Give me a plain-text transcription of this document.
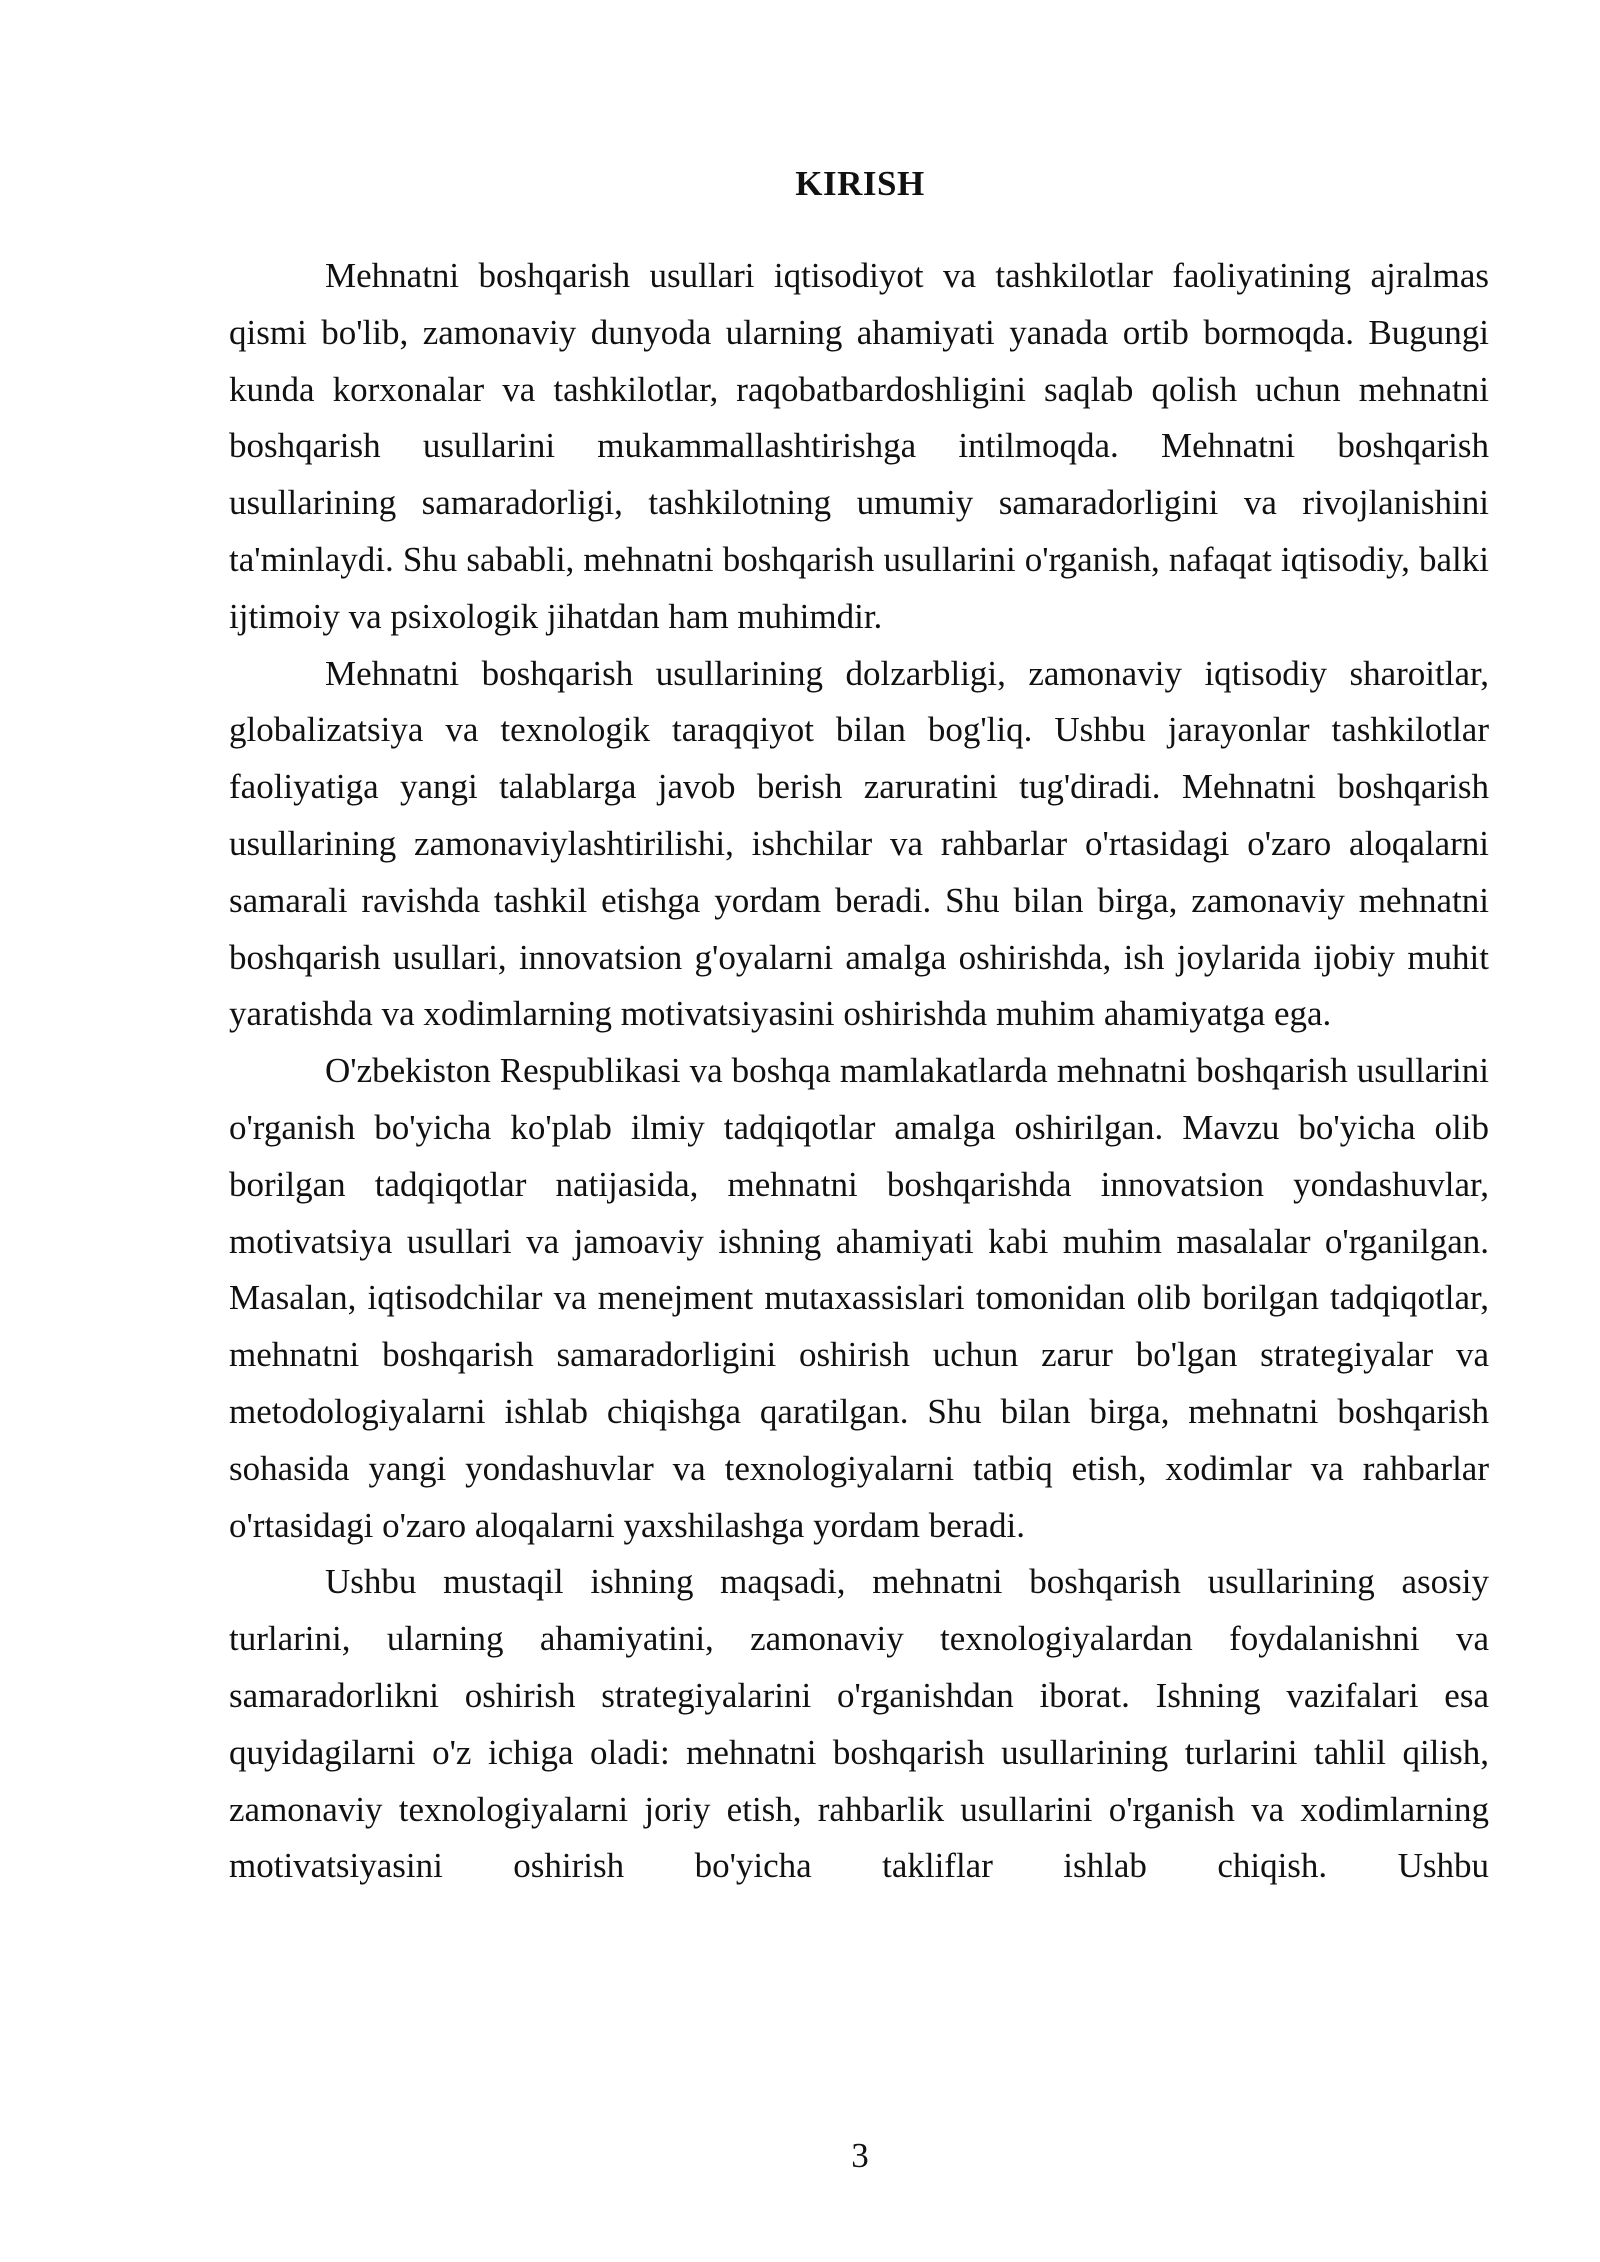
KIRISH

Mehnatni boshqarish usullari iqtisodiyot va tashkilotlar faoliyatining ajralmas qismi bo'lib, zamonaviy dunyoda ularning ahamiyati yanada ortib bormoqda. Bugungi kunda korxonalar va tashkilotlar, raqobatbardoshligini saqlab qolish uchun mehnatni boshqarish usullarini mukammallashtirishga intilmoqda. Mehnatni boshqarish usullarining samaradorligi, tashkilotning umumiy samaradorligini va rivojlanishini ta'minlaydi. Shu sababli, mehnatni boshqarish usullarini o'rganish, nafaqat iqtisodiy, balki ijtimoiy va psixologik jihatdan ham muhimdir.

Mehnatni boshqarish usullarining dolzarbligi, zamonaviy iqtisodiy sharoitlar, globalizatsiya va texnologik taraqqiyot bilan bog'liq. Ushbu jarayonlar tashkilotlar faoliyatiga yangi talablarga javob berish zaruratini tug'diradi. Mehnatni boshqarish usullarining zamonaviylashtirilishi, ishchilar va rahbarlar o'rtasidagi o'zaro aloqalarni samarali ravishda tashkil etishga yordam beradi. Shu bilan birga, zamonaviy mehnatni boshqarish usullari, innovatsion g'oyalarni amalga oshirishda, ish joylarida ijobiy muhit yaratishda va xodimlarning motivatsiyasini oshirishda muhim ahamiyatga ega.

O'zbekiston Respublikasi va boshqa mamlakatlarda mehnatni boshqarish usullarini o'rganish bo'yicha ko'plab ilmiy tadqiqotlar amalga oshirilgan. Mavzu bo'yicha olib borilgan tadqiqotlar natijasida, mehnatni boshqarishda innovatsion yondashuvlar, motivatsiya usullari va jamoaviy ishning ahamiyati kabi muhim masalalar o'rganilgan. Masalan, iqtisodchilar va menejment mutaxassislari tomonidan olib borilgan tadqiqotlar, mehnatni boshqarish samaradorligini oshirish uchun zarur bo'lgan strategiyalar va metodologiyalarni ishlab chiqishga qaratilgan. Shu bilan birga, mehnatni boshqarish sohasida yangi yondashuvlar va texnologiyalarni tatbiq etish, xodimlar va rahbarlar o'rtasidagi o'zaro aloqalarni yaxshilashga yordam beradi.

Ushbu mustaqil ishning maqsadi, mehnatni boshqarish usullarining asosiy turlarini, ularning ahamiyatini, zamonaviy texnologiyalardan foydalanishni va samaradorlikni oshirish strategiyalarini o'rganishdan iborat. Ishning vazifalari esa quyidagilarni o'z ichiga oladi: mehnatni boshqarish usullarining turlarini tahlil qilish, zamonaviy texnologiyalarni joriy etish, rahbarlik usullarini o'rganish va xodimlarning motivatsiyasini oshirish bo'yicha takliflar ishlab chiqish. Ushbu

3
